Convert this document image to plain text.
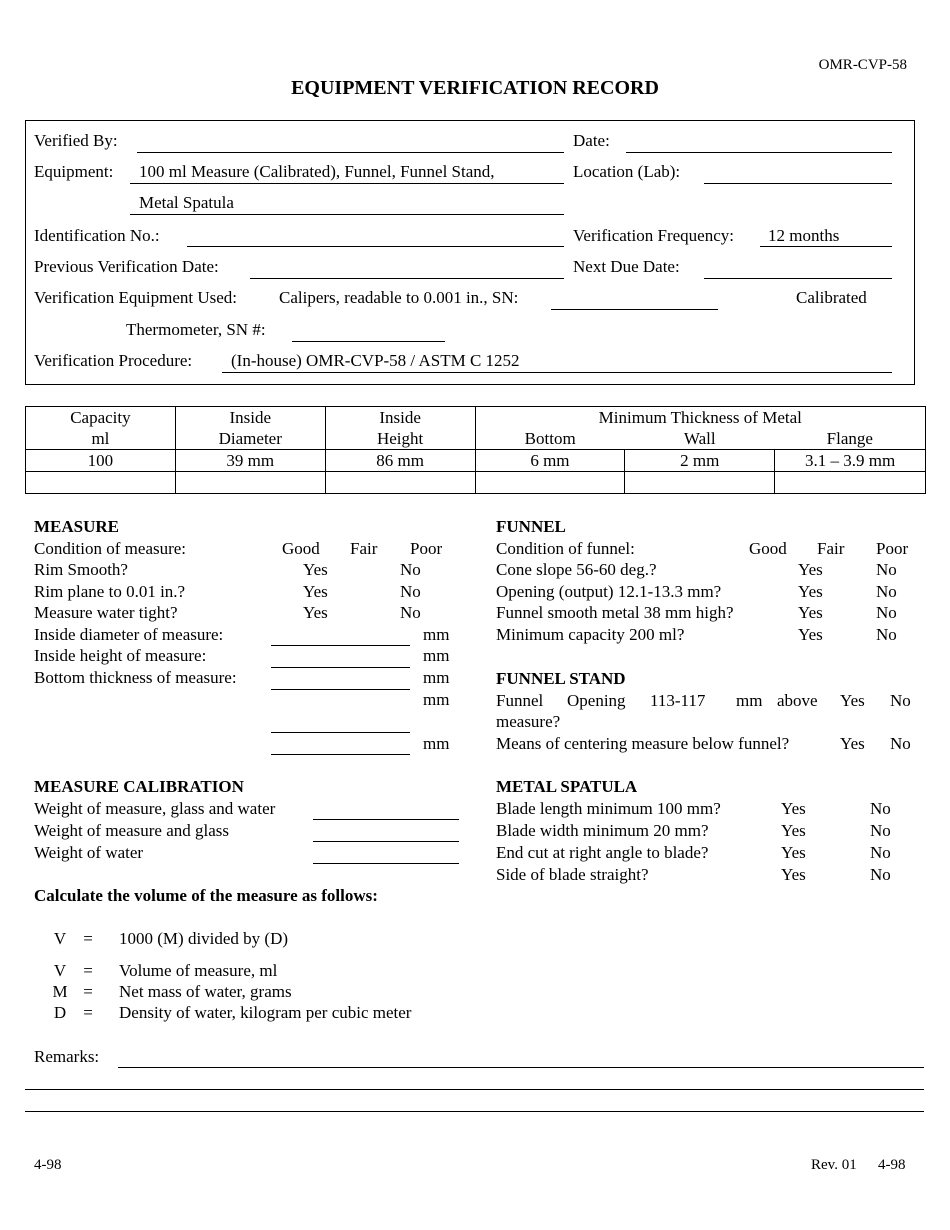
OMR-CVP-58
EQUIPMENT VERIFICATION RECORD
Verified By:	Date:
Equipment: 100 ml Measure (Calibrated), Funnel, Funnel Stand,	Location (Lab):
Metal Spatula
Identification No.:	Verification Frequency: 12 months
Previous Verification Date:	Next Due Date:
Verification Equipment Used: Calipers, readable to 0.001 in., SN:	Calibrated
Thermometer, SN #:
Verification Procedure: (In-house) OMR-CVP-58 / ASTM C 1252
Capacity	Inside	Inside	Minimum Thickness of Metal		
ml	Diameter	Height	Bottom	Wall	Flange
100	39 mm	86 mm	6 mm	2 mm	3.1 – 3.9 mm

MEASURE
Condition of measure:	Good Fair Poor
Rim Smooth?	Yes	No
Rim plane to 0.01 in.?	Yes	No
Measure water tight?	Yes	No
Inside diameter of measure:	mm
Inside height of measure:	mm
Bottom thickness of measure:	mm
mm
mm
MEASURE CALIBRATION
Weight of measure, glass and water
Weight of measure and glass
Weight of water
Calculate the volume of the measure as follows:
V	=	1000 (M) divided by (D)
V	=	Volume of measure, ml
M =	Net mass of water, grams
D	=	Density of water, kilogram per cubic meter
FUNNEL
Condition of funnel:	Good Fair Poor
Cone slope 56-60 deg.?	Yes	No
Opening (output) 12.1-13.3 mm?	Yes	No
Funnel smooth metal 38 mm high?	Yes	No
Minimum capacity 200 ml?	Yes	No
FUNNEL STAND
Funnel Opening 113-117 mm above Yes No
measure?
Means of centering measure below funnel?	Yes No
METAL SPATULA
Blade length minimum 100 mm?	Yes	No
Blade width minimum 20 mm?	Yes	No
End cut at right angle to blade?	Yes	No
Side of blade straight?	Yes	No
Remarks:
4-98	Rev. 01 4-98
